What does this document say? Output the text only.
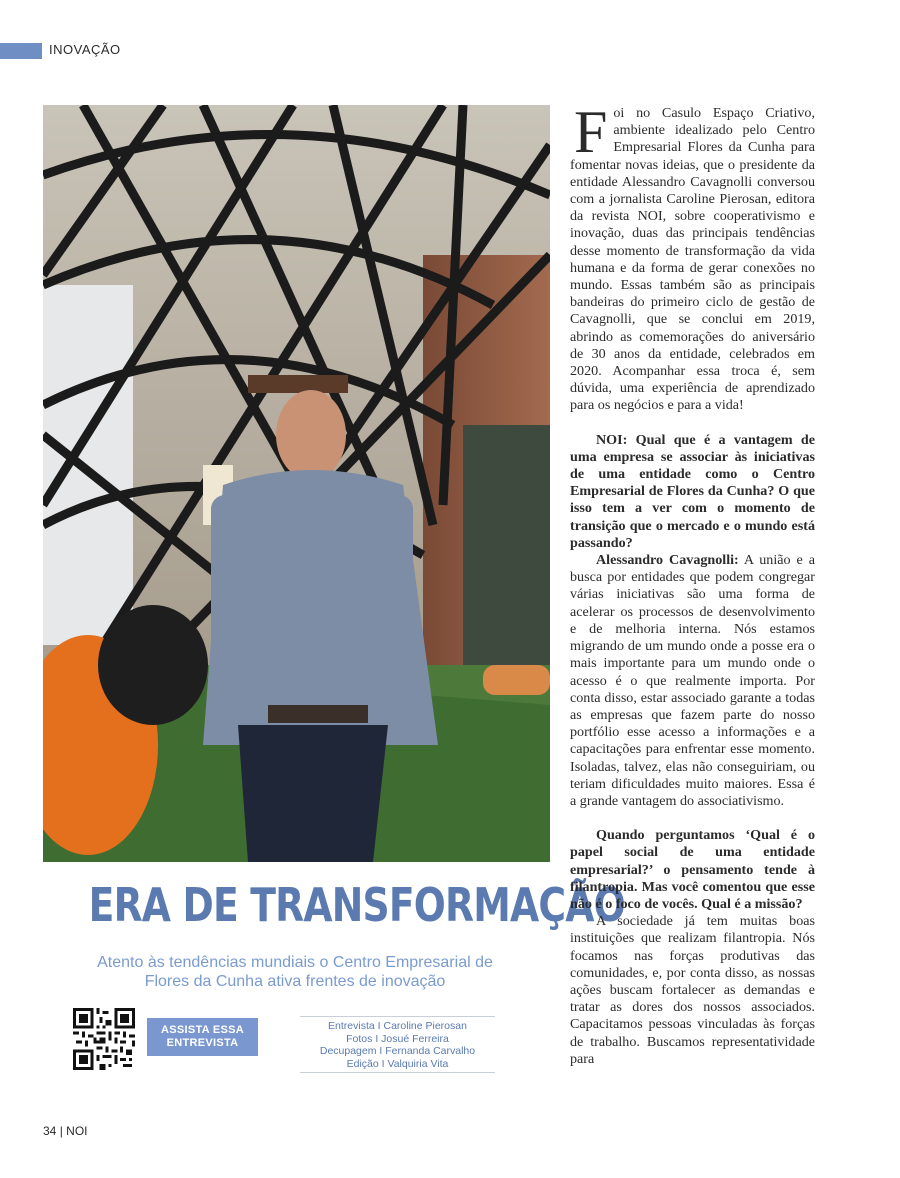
INOVAÇÃO
ERA DE TRANSFORMAÇÃO
Atento às tendências mundiais o Centro Empresarial de
Flores da Cunha ativa frentes de inovação
ASSISTA ESSA
ENTREVISTA
Entrevista I Caroline Pierosan
Fotos I Josué Ferreira
Decupagem I Fernanda Carvalho
Edição I Valquiria Vita

Foi no Casulo Espaço Criativo, ambiente idealizado pelo Centro Empresarial Flores da Cunha para fomentar novas ideias, que o presidente da entidade Alessandro Cavagnolli conversou com a jornalista Caroline Pierosan, editora da revista NOI, sobre cooperativismo e inovação, duas das principais tendências desse momento de transformação da vida humana e da forma de gerar conexões no mundo. Essas também são as principais bandeiras do primeiro ciclo de gestão de Cavagnolli, que se conclui em 2019, abrindo as comemorações do aniversário de 30 anos da entidade, celebrados em 2020. Acompanhar essa troca é, sem dúvida, uma experiência de aprendizado para os negócios e para a vida!

NOI: Qual que é a vantagem de uma empresa se associar às iniciativas de uma entidade como o Centro Empresarial de Flores da Cunha? O que isso tem a ver com o momento de transição que o mercado e o mundo está passando?

Alessandro Cavagnolli: A união e a busca por entidades que podem congregar várias iniciativas são uma forma de acelerar os processos de desenvolvimento e de melhoria interna. Nós estamos migrando de um mundo onde a posse era o mais importante para um mundo onde o acesso é o que realmente importa. Por conta disso, estar associado garante a todas as empresas que fazem parte do nosso portfólio esse acesso a informações e a capacitações para enfrentar esse momento. Isoladas, talvez, elas não conseguiriam, ou teriam dificuldades muito maiores. Essa é a grande vantagem do associativismo.

Quando perguntamos ‘Qual é o papel social de uma entidade empresarial?’ o pensamento tende à filantropia. Mas você comentou que esse não é o foco de vocês. Qual é a missão?

A sociedade já tem muitas boas instituições que realizam filantropia. Nós focamos nas forças produtivas das comunidades, e, por conta disso, as nossas ações buscam fortalecer as demandas e tratar as dores dos nossos associados. Capacitamos pessoas vinculadas às forças de trabalho. Buscamos representatividade para

34 | NOI
